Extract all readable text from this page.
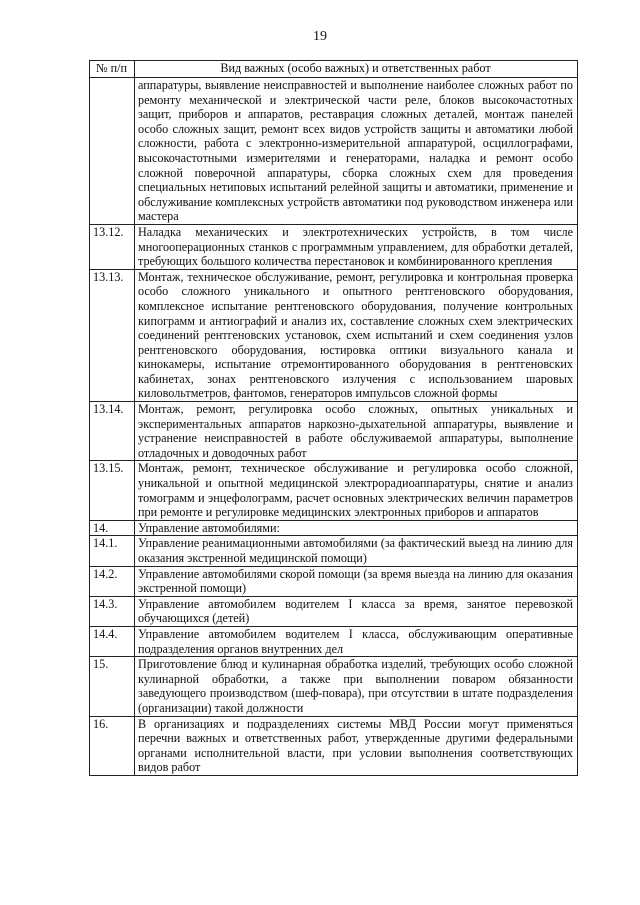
19
№ п/п	Вид важных (особо важных) и ответственных работ
	аппаратуры, выявление неисправностей и выполнение наиболее сложных работ по ремонту механической и электрической части реле, блоков высокочастотных защит, приборов и аппаратов, реставрация сложных деталей, монтаж панелей особо сложных защит, ремонт всех видов устройств защиты и автоматики любой сложности, работа с электронно-измерительной аппаратурой, осциллографами, высокочастотными измерителями и генераторами, наладка и ремонт особо сложной поверочной аппаратуры, сборка сложных схем для проведения специальных нетиповых испытаний релейной защиты и автоматики, применение и обслуживание комплексных устройств автоматики под руководством инженера или мастера
13.12.	Наладка механических и электротехнических устройств, в том числе многооперационных станков с программным управлением, для обработки деталей, требующих большого количества перестановок и комбинированного крепления
13.13.	Монтаж, техническое обслуживание, ремонт, регулировка и контрольная проверка особо сложного уникального и опытного рентгеновского оборудования, комплексное испытание рентгеновского оборудования, получение контрольных кипограмм и антиографий и анализ их, составление сложных схем электрических соединений рентгеновских установок, схем испытаний и схем соединения узлов рентгеновского оборудования, юстировка оптики визуального канала и кинокамеры, испытание отремонтированного оборудования в рентгеновских кабинетах, зонах рентгеновского излучения с использованием шаровых киловольтметров, фантомов, генераторов импульсов сложной формы
13.14.	Монтаж, ремонт, регулировка особо сложных, опытных уникальных и экспериментальных аппаратов наркозно-дыхательной аппаратуры, выявление и устранение неисправностей в работе обслуживаемой аппаратуры, выполнение отладочных и доводочных работ
13.15.	Монтаж, ремонт, техническое обслуживание и регулировка особо сложной, уникальной и опытной медицинской электрорадиоаппаратуры, снятие и анализ томограмм и энцефолограмм, расчет основных электрических величин параметров при ремонте и регулировке медицинских электронных приборов и аппаратов
14.	Управление автомобилями:
14.1.	Управление реанимационными автомобилями (за фактический выезд на линию для оказания экстренной медицинской помощи)
14.2.	Управление автомобилями скорой помощи (за время выезда на линию для оказания экстренной помощи)
14.3.	Управление автомобилем водителем I класса за время, занятое перевозкой обучающихся (детей)
14.4.	Управление автомобилем водителем I класса, обслуживающим оперативные подразделения органов внутренних дел
15.	Приготовление блюд и кулинарная обработка изделий, требующих особо сложной кулинарной обработки, а также при выполнении поваром обязанности заведующего производством (шеф-повара), при отсутствии в штате подразделения (организации) такой должности
16.	В организациях и подразделениях системы МВД России могут применяться перечни важных и ответственных работ, утвержденные другими федеральными органами исполнительной власти, при условии выполнения соответствующих видов работ
